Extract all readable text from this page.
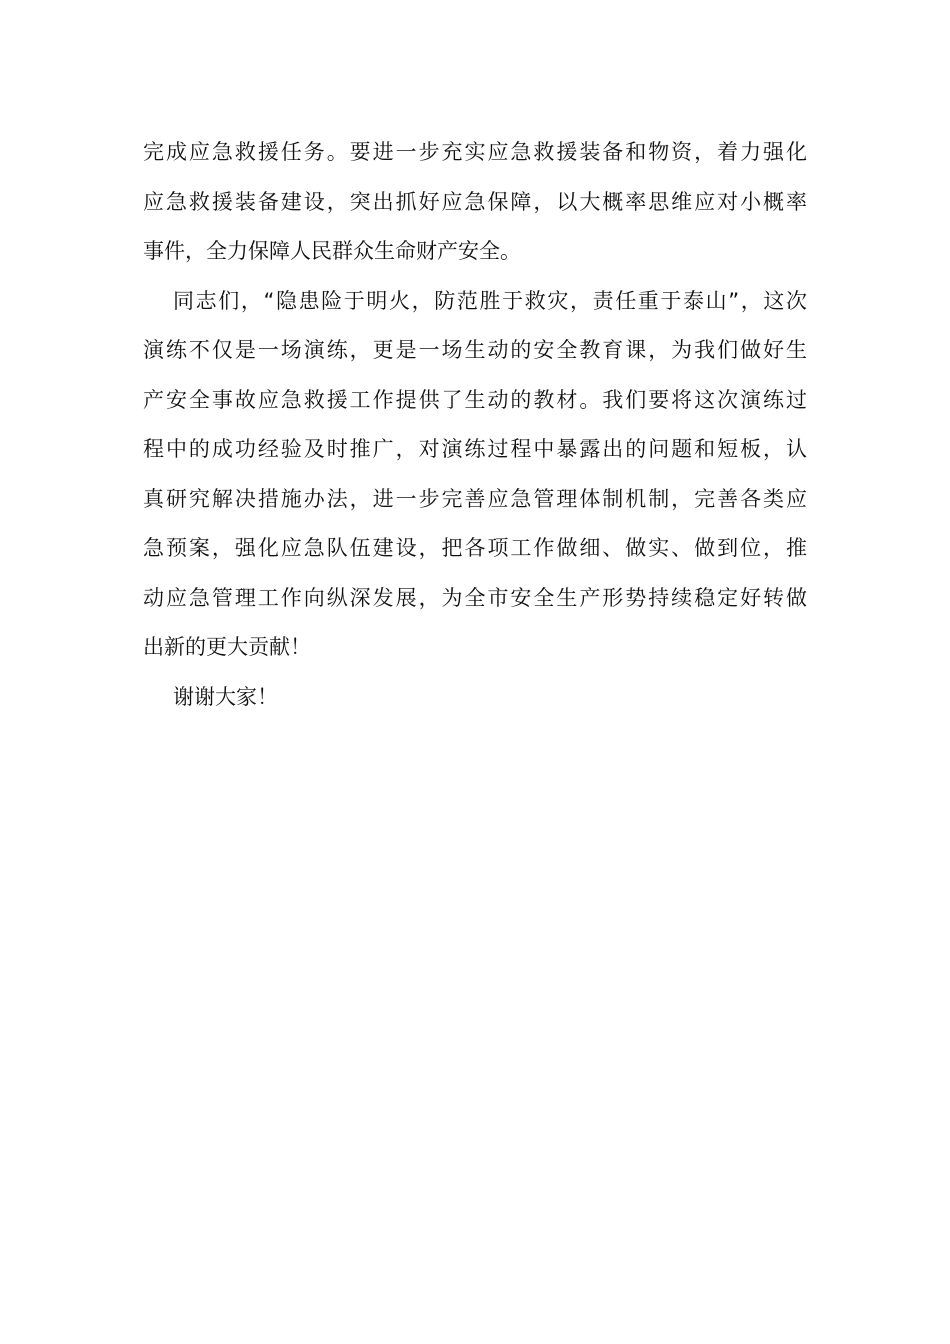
完成应急救援任务。要进一步充实应急救援装备和物资，着力强化
应急救援装备建设，突出抓好应急保障，以大概率思维应对小概率
事件，全力保障人民群众生命财产安全。
同志们，“隐患险于明火，防范胜于救灾，责任重于泰山”，这次
演练不仅是一场演练，更是一场生动的安全教育课，为我们做好生
产安全事故应急救援工作提供了生动的教材。我们要将这次演练过
程中的成功经验及时推广，对演练过程中暴露出的问题和短板，认
真研究解决措施办法，进一步完善应急管理体制机制，完善各类应
急预案，强化应急队伍建设，把各项工作做细、做实、做到位，推
动应急管理工作向纵深发展，为全市安全生产形势持续稳定好转做
出新的更大贡献！
谢谢大家！
